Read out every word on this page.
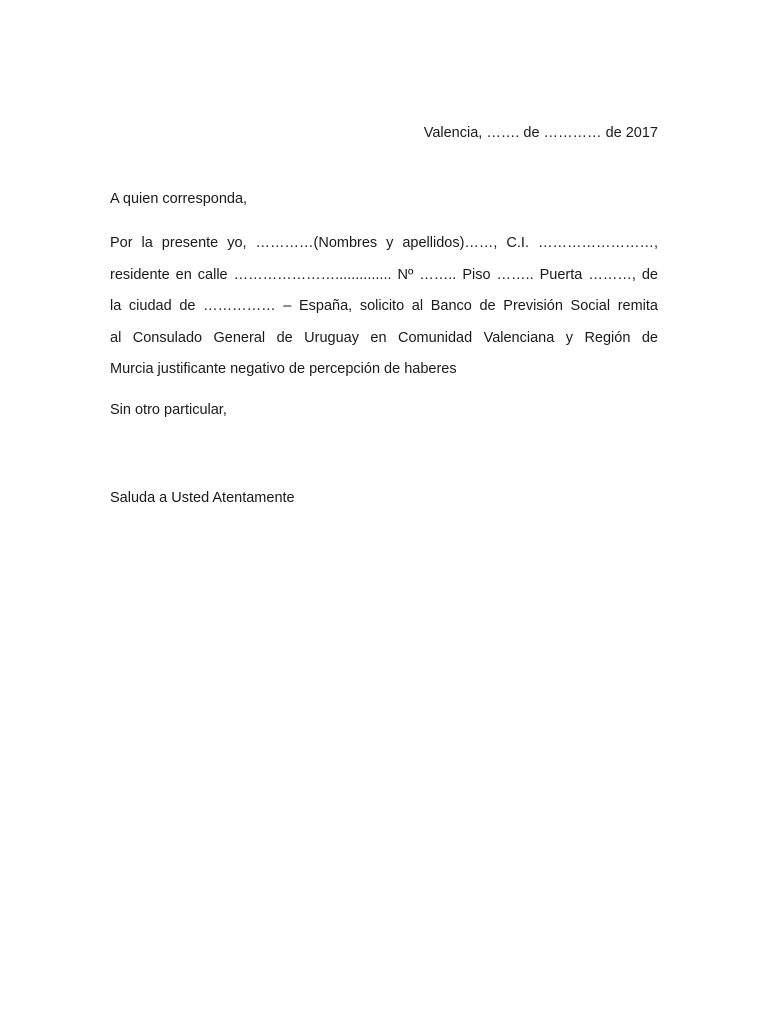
Valencia, ……. de ………… de 2017
A quien corresponda,
Por la presente yo, …………(Nombres y apellidos)……, C.I. ……………………,
residente en calle ………………….............. Nº …….. Piso …….. Puerta ………, de
la ciudad de …………… – España, solicito al Banco de Previsión Social remita
al Consulado General de Uruguay en Comunidad Valenciana y Región de
Murcia justificante negativo de percepción de haberes
Sin otro particular,
Saluda a Usted Atentamente
